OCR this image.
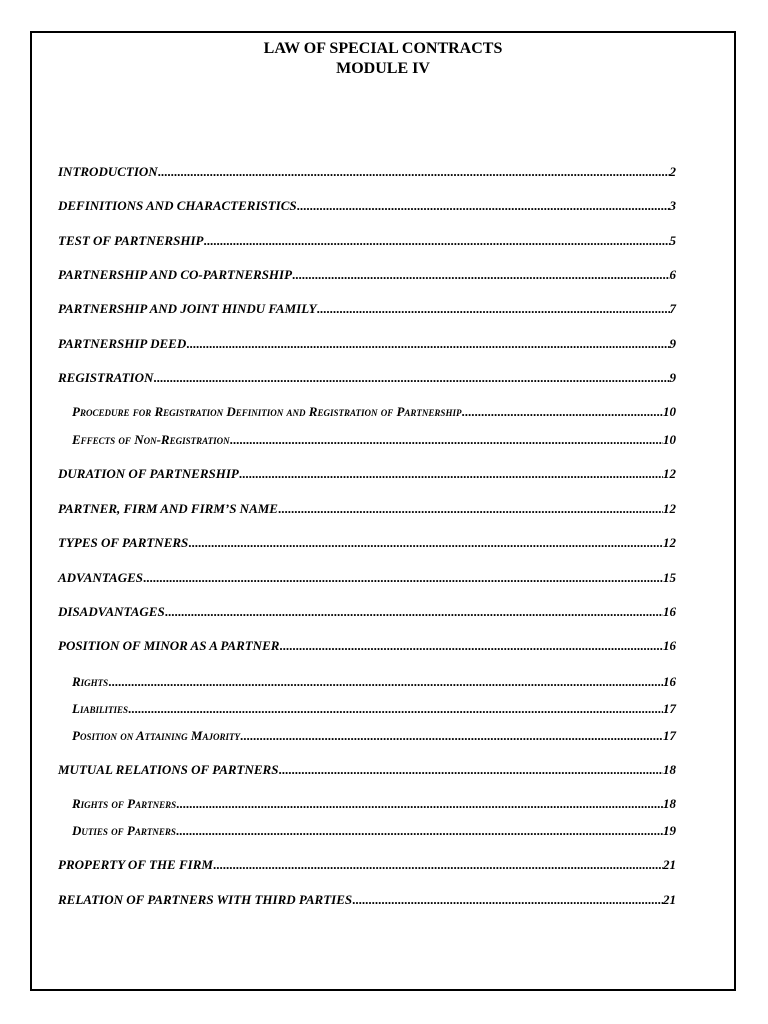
LAW OF SPECIAL CONTRACTS
MODULE IV
INTRODUCTION .....	2
DEFINITIONS AND CHARACTERISTICS .....	3
TEST OF PARTNERSHIP .....	5
PARTNERSHIP AND CO-PARTNERSHIP .....	6
PARTNERSHIP AND JOINT HINDU FAMILY .....	7
PARTNERSHIP DEED .....	9
REGISTRATION .....	9
Procedure for Registration Definition and Registration of Partnership .....	10
Effects of Non-Registration .....	10
DURATION OF PARTNERSHIP .....	12
PARTNER, FIRM AND FIRM’S NAME .....	12
TYPES OF PARTNERS .....	12
ADVANTAGES .....	15
DISADVANTAGES .....	16
POSITION OF MINOR AS A PARTNER .....	16
Rights .....	16
Liabilities .....	17
Position on Attaining Majority .....	17
MUTUAL RELATIONS OF PARTNERS .....	18
Rights of Partners .....	18
Duties of Partners .....	19
PROPERTY OF THE FIRM .....	21
RELATION OF PARTNERS WITH THIRD PARTIES .....	21
